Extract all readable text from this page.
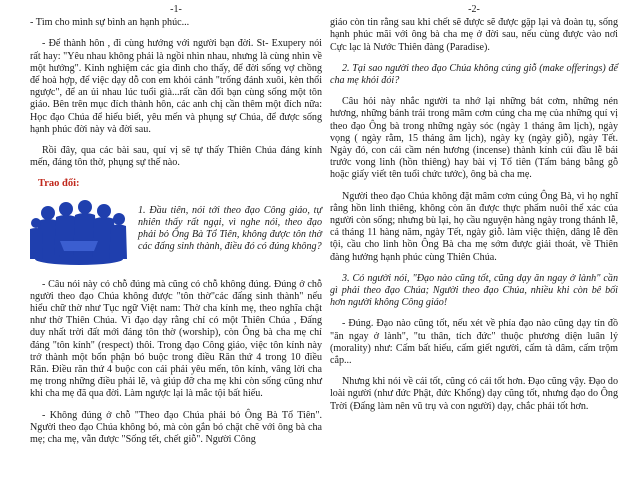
-1-

- Tìm cho mình sự bình an hạnh phúc...

- Để thành hôn , đi cùng hướng với người bạn đời. St- Exupery nói rất hay: "Yêu nhau không phải là ngồi nhìn nhau, nhưng là cùng nhìn về một hướng". Kinh nghiệm các gia đình cho thấy, để đời sống vợ chồng để hoà hợp, để việc dạy dỗ con em khỏi cảnh "trống đánh xuôi, kèn thổi ngược", để an ủi nhau lúc tuổi già...rất cần đối bạn cùng sống một tôn giáo. Bên trên mục đích thành hôn, các anh chị cần thêm một đích nữa: Học đạo Chúa để hiểu biết, yêu mến và phụng sự Chúa, để được sống hạnh phúc đời này và đời sau.

Rồi đây, qua các bài sau, quí vị sẽ tự thấy Thiên Chúa đáng kính mến, đáng tôn thờ, phụng sự thế nào.

Trao đổi:
1. Đầu tiên, nói tới theo đạo Công giáo, tự nhiên thấy rất ngại, vì nghe nói, theo đạo phải bỏ Ông Bà Tổ Tiên, không được tôn thờ các đấng sinh thành, điều đó có đúng không?

- Câu nói này có chỗ đúng mà cũng có chỗ không đúng. Đúng ở chỗ người theo đạo Chúa không được "tôn thờ"các đấng sinh thành" nếu hiểu chữ thờ như Tục ngữ Việt nam: Thờ cha kính mẹ, theo nghĩa chật như thờ Thiên Chúa. Vì đạo dạy rằng chỉ có một Thiên Chúa , Đấng duy nhất trời đất mới đáng tôn thờ (worship), còn Ông bà cha mẹ chỉ đáng "tôn kính" (respect) thôi. Trong đạo Công giáo, việc tôn kính này trở thành một bổn phận bó buộc trong điều Răn thứ 4 trong 10 điều Răn. Điều răn thứ 4 buộc con cái phải yêu mến, tôn kính, vâng lời cha mẹ trong những điều phải lẽ, và giúp đỡ cha mẹ khi còn sống cũng như khi cha mẹ đã qua đời. Làm ngược lại là mắc tội bất hiếu.

- Không đúng ở chỗ "Theo đạo Chúa phải bỏ Ông Bà Tổ Tiên". Người theo đạo Chúa không bỏ, mà còn gắn bó chặt chẽ với ông bà cha mẹ; cha mẹ, vẫn được "Sống tết, chết giỗ". Người Công

-2-

giáo còn tin rằng sau khi chết sẽ được sẽ được gặp lại và đoàn tụ, sống hạnh phúc mãi với ông bà cha mẹ ở đời sau, nếu cùng được vào nơi Cực lạc là Nước Thiên đàng (Paradise).

2. Tại sao người theo đạo Chúa không cúng giỗ (make offerings) để cha mẹ khỏi đói?

Câu hỏi này nhắc người ta nhớ lại những bát cơm, những nén hương, những bánh trái trong mâm cơm cúng cha mẹ của những quí vị theo đạo Ông bà trong những ngày sóc (ngày 1 tháng âm lịch), ngày vọng ( ngày rằm, 15 tháng âm lịch), ngày kỵ (ngày giỗ), ngày Tết. Ngày đó, con cái cầm nén hương (incense) thành kính cúi đầu lễ bái trước vong linh (hồn thiêng) hay bài vị Tổ tiên (Tấm bảng bằng gỗ hoặc giấy viết tên tuổi chức tước), ông bà cha mẹ.

Người theo đạo Chúa không đặt mâm cơm cúng Ông Bà, vì họ nghĩ rằng hồn linh thiêng, không còn ăn được thực phẩm nuôi thể xác của người còn sống; nhưng bù lại, họ cầu nguyện hàng ngày trong thánh lễ, cả tháng 11 hàng năm, ngày Tết, ngày giỗ. làm việc thiện, dâng lễ đền tội, cầu cho linh hồn Ông Bà cha mẹ sớm được giải thoát, về Thiên đàng hưởng hạnh phúc cùng Thiên Chúa.

3. Có người nói, "Đạo nào cũng tốt, cũng dạy ăn ngay ở lành" cần gì phải theo đạo Chúa; Người theo đạo Chúa, nhiều khi còn bê bối hơn người không Công giáo!

- Đúng. Đạo nào cũng tốt, nếu xét về phía đạo nào cũng dạy tín đồ "ăn ngay ở lành", "tu thân, tích đức" thuộc phương diện luân lý (morality) như: Cấm bất hiếu, cấm giết người, cấm tà dâm, cấm trộm cắp...

Nhưng khi nói về cái tốt, cũng có cái tốt hơn. Đạo cũng vậy. Đạo do loài người (như đức Phật, đức Khổng) dạy cũng tốt, nhưng đạo do Ông Trời (Đấng làm nên vũ trụ và con người) dạy, chắc phải tốt hơn.
